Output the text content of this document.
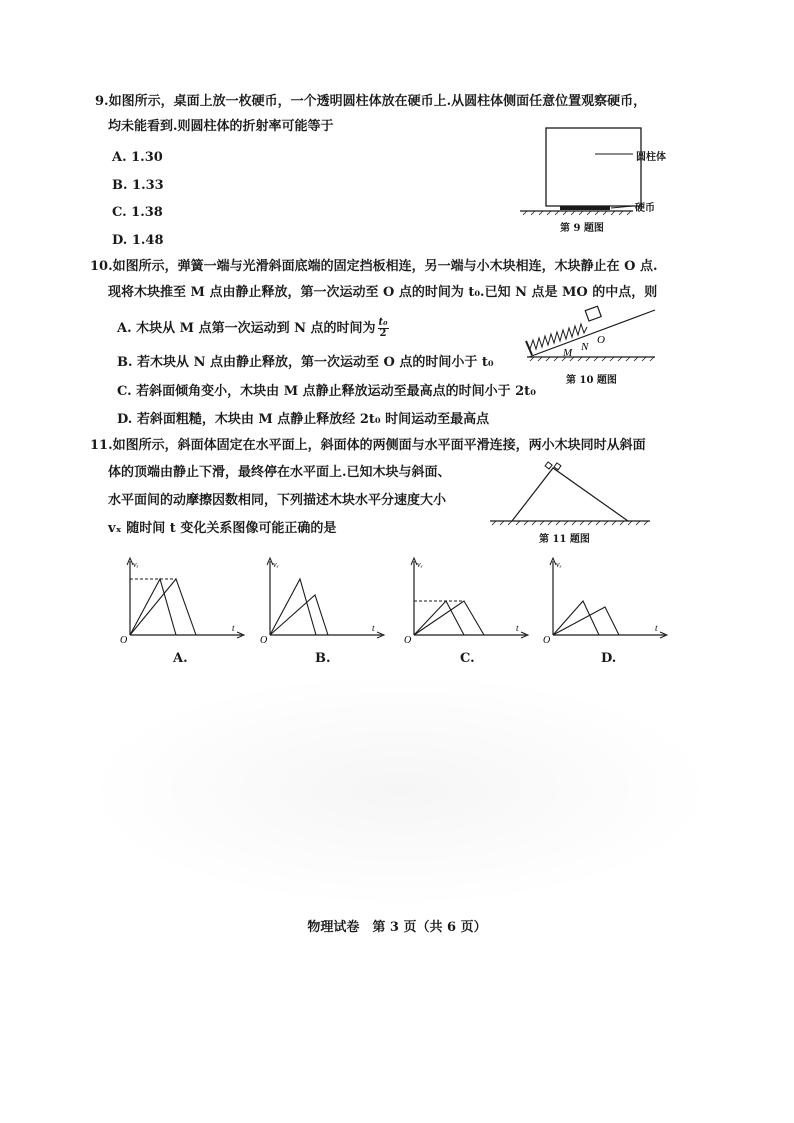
9.如图所示，桌面上放一枚硬币，一个透明圆柱体放在硬币上.从圆柱体侧面任意位置观察硬币，
均未能看到.则圆柱体的折射率可能等于
A. 1.30
B. 1.33
C. 1.38
D. 1.48
圆柱体
硬币
第 9 题图
10.如图所示，弹簧一端与光滑斜面底端的固定挡板相连，另一端与小木块相连，木块静止在 O 点.
现将木块推至 M 点由静止释放，第一次运动至 O 点的时间为 t₀.已知 N 点是 MO 的中点，则
A. 木块从 M 点第一次运动到 N 点的时间为 $\frac{\text{t₀}}{2}$
B. 若木块从 N 点由静止释放，第一次运动至 O 点的时间小于 t₀
C. 若斜面倾角变小，木块由 M 点静止释放运动至最高点的时间小于 2t₀
D. 若斜面粗糙，木块由 M 点静止释放经 2t₀ 时间运动至最高点
M N
O
第 10 题图
11.如图所示，斜面体固定在水平面上，斜面体的两侧面与水平面平滑连接，两小木块同时从斜面
体的顶端由静止下滑，最终停在水平面上.已知木块与斜面、
水平面间的动摩擦因数相同，下列描述木块水平分速度大小
vₓ 随时间 t 变化关系图像可能正确的是
第 11 题图
vₓ
t
O
A.
vₓ
t
O
B.
vₓ
t
O
C.
vₓ
t
O
D.
物理试卷　第 3 页（共 6 页）
